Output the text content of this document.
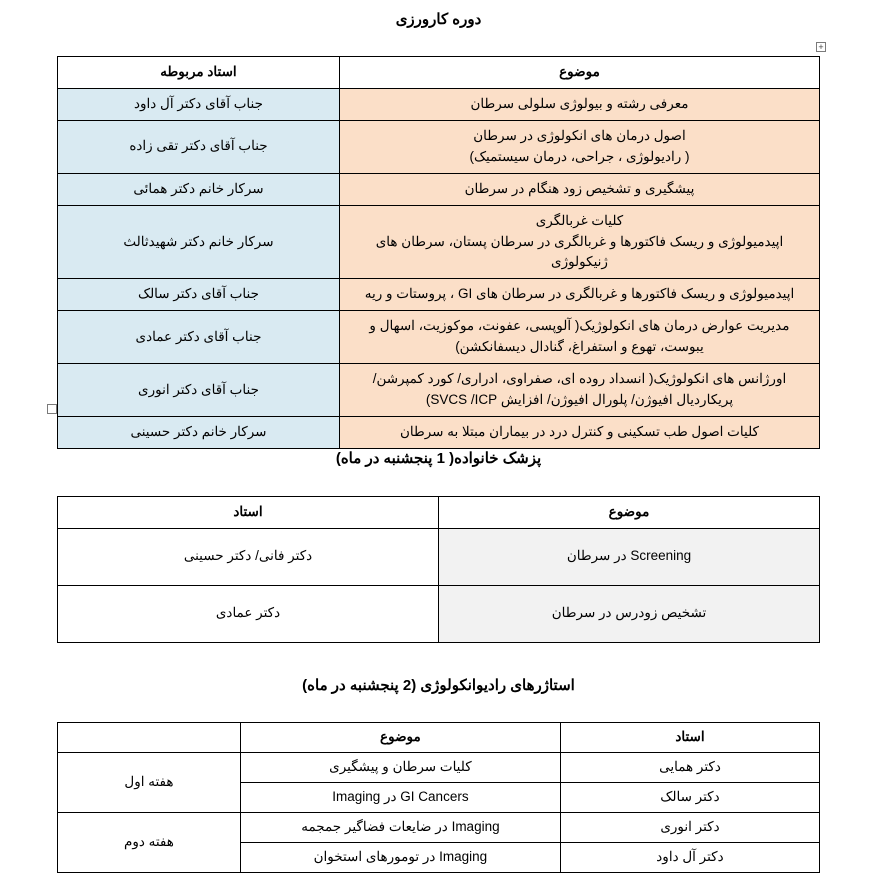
دوره کارورزی
+
موضوع	استاد مربوطه
معرفی رشته و بیولوژی سلولی سرطان	جناب آقای دکتر آل داود
اصول درمان های انکولوژی در سرطان
( رادیولوژی ، جراحی، درمان سیستمیک)	جناب آقای دکتر تقی زاده
پیشگیری و تشخیص زود هنگام در سرطان	سرکار خانم دکتر همائی
کلیات غربالگری
اپیدمیولوژی و ریسک فاکتورها و غربالگری در سرطان پستان، سرطان های ژنیکولوژی	سرکار خانم دکتر شهیدثالث
اپیدمیولوژی و ریسک فاکتورها و غربالگری در سرطان های GI ، پروستات و ریه	جناب آقای دکتر سالک
مدیریت عوارض درمان های انکولوژیک( آلوپسی، عفونت، موکوزیت، اسهال و یبوست، تهوع و استفراغ، گنادال دیسفانکشن)	جناب آقای دکتر عمادی
اورژانس های انکولوژیک( انسداد روده ای، صفراوی، ادراری/ کورد کمپرشن/ پریکاردیال افیوژن/ پلورال افیوژن/ افزایش SVCS /ICP)	جناب آقای دکتر انوری
کلیات اصول طب تسکینی و کنترل درد در بیماران مبتلا به سرطان	سرکار خانم دکتر حسینی
پزشک خانواده( 1 پنجشنبه در ماه)
موضوع	استاد
Screening در سرطان	دکتر فانی/ دکتر حسینی
تشخیص زودرس در سرطان	دکتر عمادی
استاژرهای رادیوانکولوژی (2 پنجشنبه در ماه)
استاد	موضوع	
دکتر همایی	کلیات سرطان و پیشگیری	هفته اول
دکتر سالک	Imaging در GI Cancers	
دکتر انوری	Imaging در ضایعات فضاگیر جمجمه	هفته دوم
دکتر آل داود	Imaging در تومورهای استخوان	
